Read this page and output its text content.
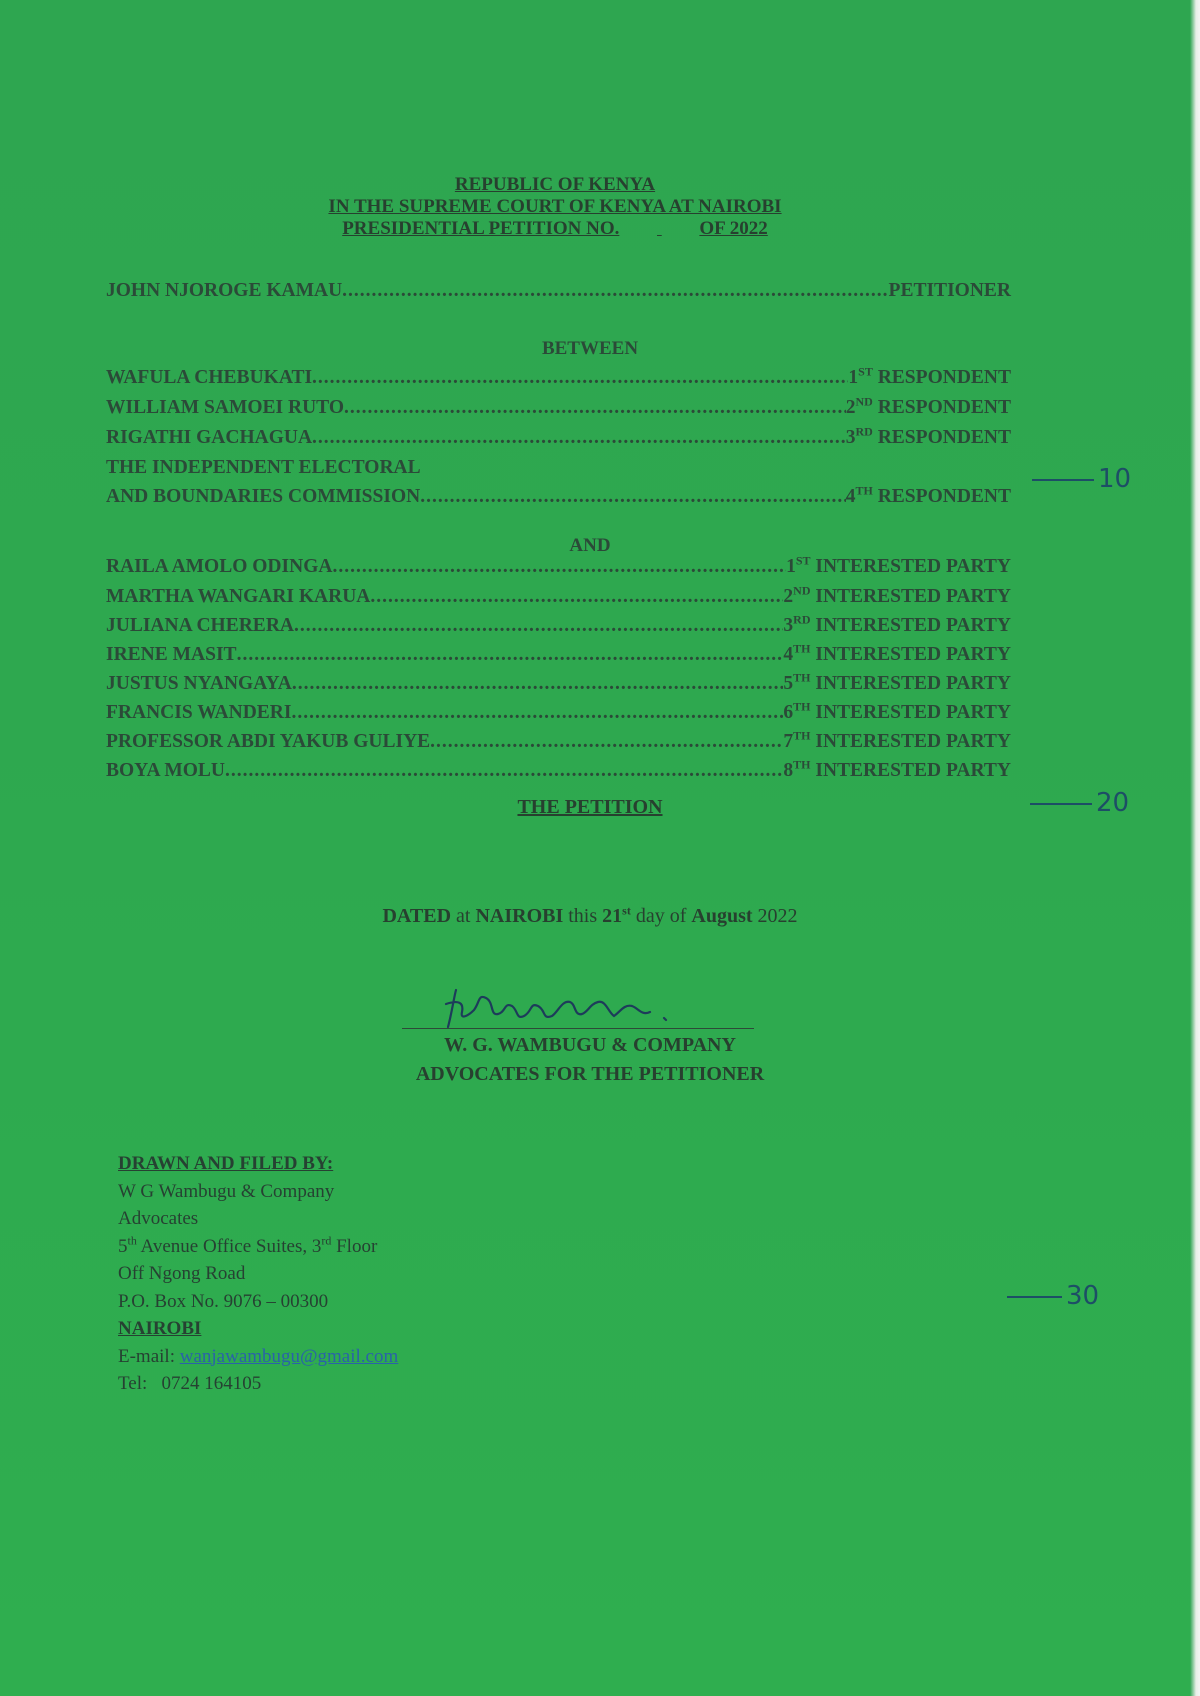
REPUBLIC OF KENYA
IN THE SUPREME COURT OF KENYA AT NAIROBI
PRESIDENTIAL PETITION NO.	OF 2022
JOHN NJOROGE KAMAU .....	PETITIONER
BETWEEN
WAFULA CHEBUKATI .....	1ST RESPONDENT
WILLIAM SAMOEI RUTO .....	2ND RESPONDENT
RIGATHI GACHAGUA .....	3RD RESPONDENT
THE INDEPENDENT ELECTORAL
AND BOUNDARIES COMMISSION .....	4TH RESPONDENT
10
AND
RAILA AMOLO ODINGA .....	1ST INTERESTED PARTY
MARTHA WANGARI KARUA .....	2ND INTERESTED PARTY
JULIANA CHERERA .....	3RD INTERESTED PARTY
IRENE MASIT .....	4TH INTERESTED PARTY
JUSTUS NYANGAYA .....	5TH INTERESTED PARTY
FRANCIS WANDERI .....	6TH INTERESTED PARTY
PROFESSOR ABDI YAKUB GULIYE .....	7TH INTERESTED PARTY
BOYA MOLU .....	8TH INTERESTED PARTY
THE PETITION	20
DATED at NAIROBI this 21st day of August 2022
W. G. WAMBUGU & COMPANY
ADVOCATES FOR THE PETITIONER
DRAWN AND FILED BY:
W G Wambugu & Company
Advocates
5th Avenue Office Suites, 3rd Floor
Off Ngong Road
P.O. Box No. 9076 – 00300
NAIROBI
E-mail: wanjawambugu@gmail.com
Tel: 0724 164105
30
